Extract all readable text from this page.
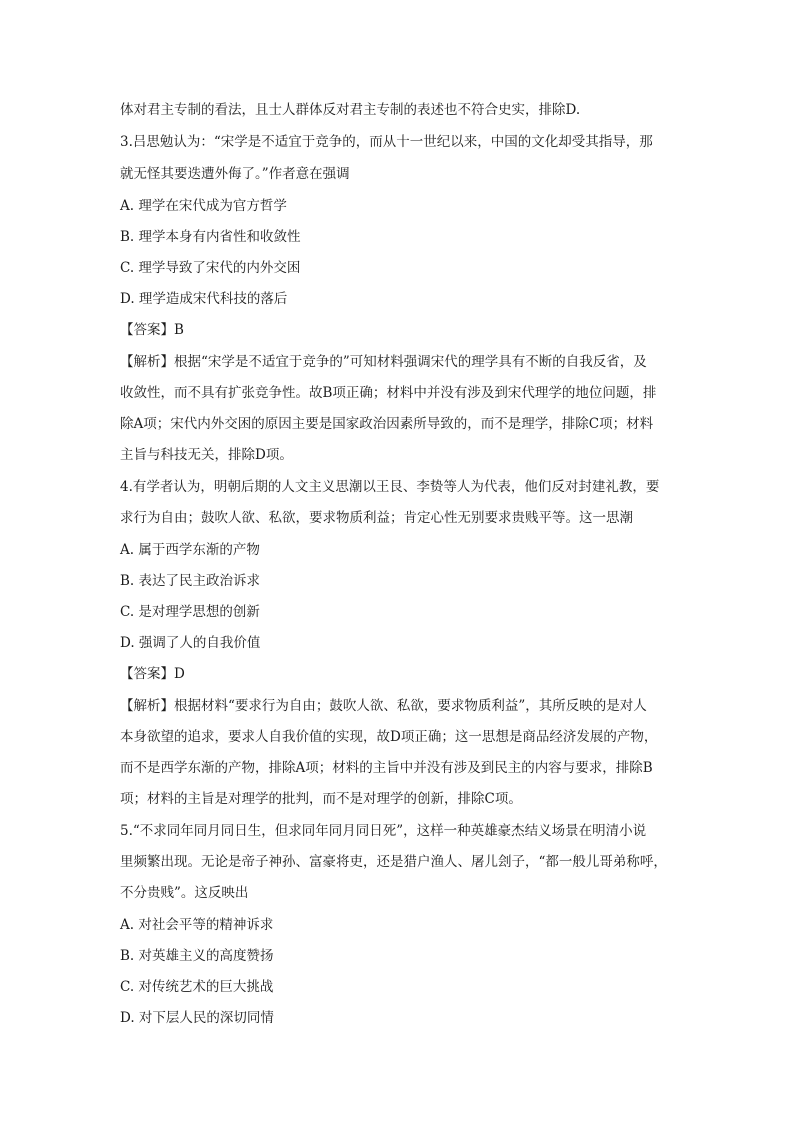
体对君主专制的看法，且士人群体反对君主专制的表述也不符合史实，排除D.
3.吕思勉认为：“宋学是不适宜于竞争的，而从十一世纪以来，中国的文化却受其指导，那
就无怪其要迭遭外侮了。”作者意在强调
A. 理学在宋代成为官方哲学
B. 理学本身有内省性和收敛性
C. 理学导致了宋代的内外交困
D. 理学造成宋代科技的落后
【答案】B
【解析】根据“宋学是不适宜于竞争的”可知材料强调宋代的理学具有不断的自我反省，及
收敛性，而不具有扩张竞争性。故B项正确；材料中并没有涉及到宋代理学的地位问题，排
除A项；宋代内外交困的原因主要是国家政治因素所导致的，而不是理学，排除C项；材料
主旨与科技无关，排除D项。
4.有学者认为，明朝后期的人文主义思潮以王艮、李贽等人为代表，他们反对封建礼教，要
求行为自由；鼓吹人欲、私欲，要求物质利益；肯定心性无别要求贵贱平等。这一思潮
A. 属于西学东渐的产物
B. 表达了民主政治诉求
C. 是对理学思想的创新
D. 强调了人的自我价值
【答案】D
【解析】根据材料“要求行为自由；鼓吹人欲、私欲，要求物质利益”，其所反映的是对人
本身欲望的追求，要求人自我价值的实现，故D项正确；这一思想是商品经济发展的产物，
而不是西学东渐的产物，排除A项；材料的主旨中并没有涉及到民主的内容与要求，排除B
项；材料的主旨是对理学的批判，而不是对理学的创新，排除C项。
5.“不求同年同月同日生，但求同年同月同日死”，这样一种英雄豪杰结义场景在明清小说
里频繁出现。无论是帝子神孙、富豪将吏，还是猎户渔人、屠儿刽子，“都一般儿哥弟称呼，
不分贵贱”。这反映出
A. 对社会平等的精神诉求
B. 对英雄主义的高度赞扬
C. 对传统艺术的巨大挑战
D. 对下层人民的深切同情
